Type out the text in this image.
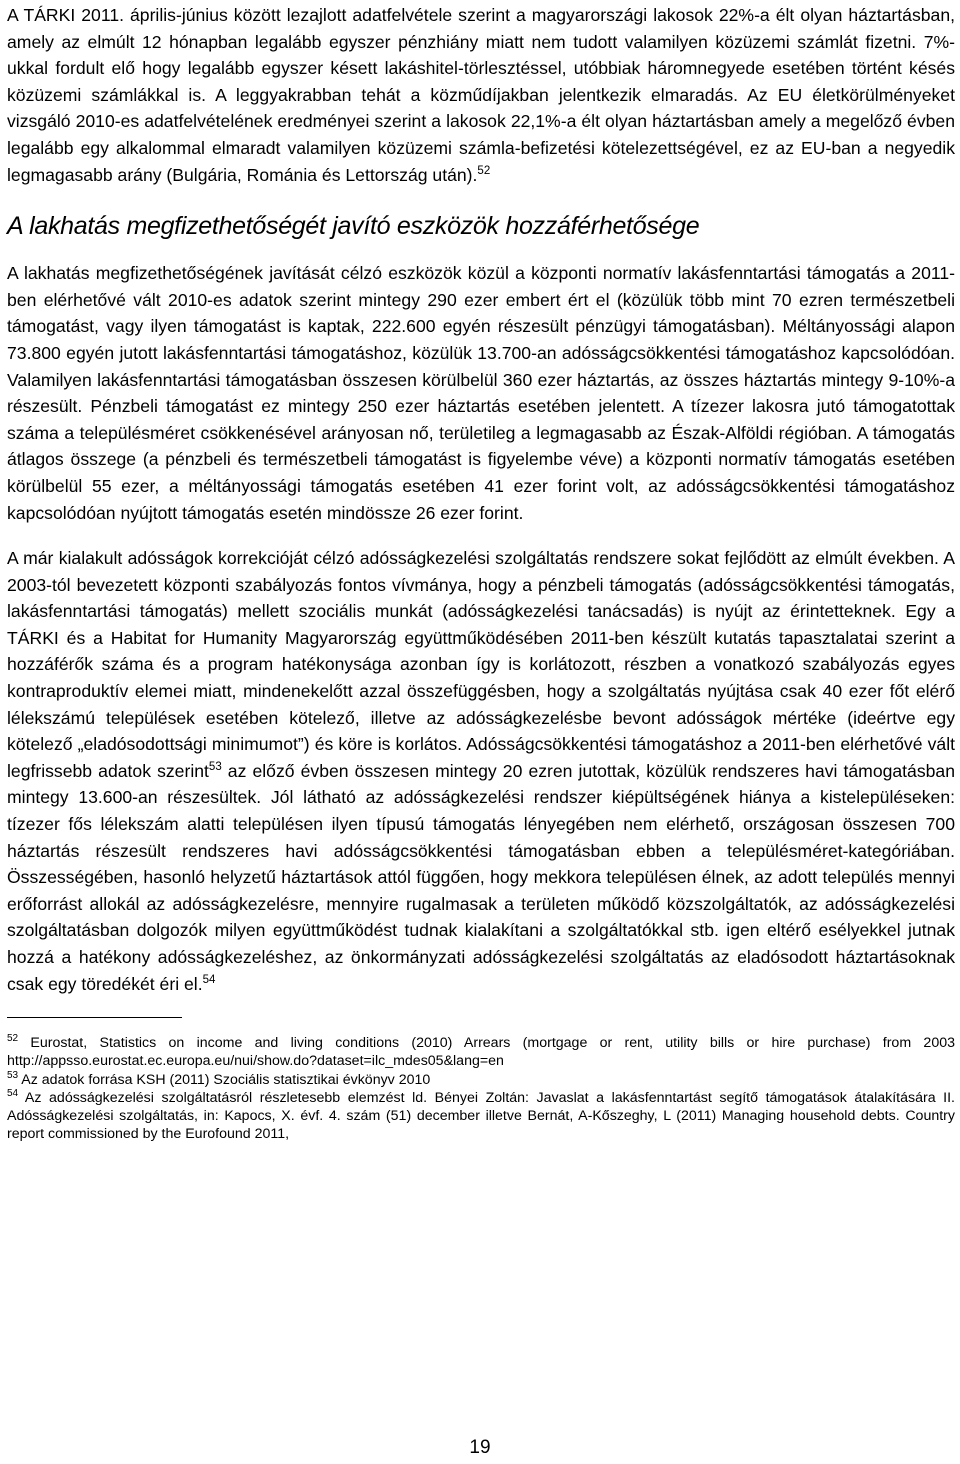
A TÁRKI 2011. április-június között lezajlott adatfelvétele szerint a magyarországi lakosok 22%-a élt olyan háztartásban, amely az elmúlt 12 hónapban legalább egyszer pénzhiány miatt nem tudott valamilyen közüzemi számlát fizetni. 7%-ukkal fordult elő hogy legalább egyszer késett lakáshitel-törlesztéssel, utóbbiak háromnegyede esetében történt késés közüzemi számlákkal is. A leggyakrabban tehát a közműdíjakban jelentkezik elmaradás. Az EU életkörülményeket vizsgáló 2010-es adatfelvételének eredményei szerint a lakosok 22,1%-a élt olyan háztartásban amely a megelőző évben legalább egy alkalommal elmaradt valamilyen közüzemi számla-befizetési kötelezettségével, ez az EU-ban a negyedik legmagasabb arány (Bulgária, Románia és Lettország után).$^{52}$

A lakhatás megfizethetőségét javító eszközök hozzáférhetősége

A lakhatás megfizethetőségének javítását célzó eszközök közül a központi normatív lakásfenntartási támogatás a 2011-ben elérhetővé vált 2010-es adatok szerint mintegy 290 ezer embert ért el (közülük több mint 70 ezren természetbeli támogatást, vagy ilyen támogatást is kaptak, 222.600 egyén részesült pénzügyi támogatásban). Méltányossági alapon 73.800 egyén jutott lakásfenntartási támogatáshoz, közülük 13.700-an adósságcsökkentési támogatáshoz kapcsolódóan. Valamilyen lakásfenntartási támogatásban összesen körülbelül 360 ezer háztartás, az összes háztartás mintegy 9-10%-a részesült. Pénzbeli támogatást ez mintegy 250 ezer háztartás esetében jelentett. A tízezer lakosra jutó támogatottak száma a településméret csökkenésével arányosan nő, területileg a legmagasabb az Észak-Alföldi régióban. A támogatás átlagos összege (a pénzbeli és természetbeli támogatást is figyelembe véve) a központi normatív támogatás esetében körülbelül 55 ezer, a méltányossági támogatás esetében 41 ezer forint volt, az adósságcsökkentési támogatáshoz kapcsolódóan nyújtott támogatás esetén mindössze 26 ezer forint.

A már kialakult adósságok korrekcióját célzó adósságkezelési szolgáltatás rendszere sokat fejlődött az elmúlt években. A 2003-tól bevezetett központi szabályozás fontos vívmánya, hogy a pénzbeli támogatás (adósságcsökkentési támogatás, lakásfenntartási támogatás) mellett szociális munkát (adósságkezelési tanácsadás) is nyújt az érintetteknek. Egy a TÁRKI és a Habitat for Humanity Magyarország együttműködésében 2011-ben készült kutatás tapasztalatai szerint a hozzáférők száma és a program hatékonysága azonban így is korlátozott, részben a vonatkozó szabályozás egyes kontraproduktív elemei miatt, mindenekelőtt azzal összefüggésben, hogy a szolgáltatás nyújtása csak 40 ezer főt elérő lélekszámú települések esetében kötelező, illetve az adósságkezelésbe bevont adósságok mértéke (ideértve egy kötelező „eladósodottsági minimumot”) és köre is korlátos. Adósságcsökkentési támogatáshoz a 2011-ben elérhetővé vált legfrissebb adatok szerint$^{53}$ az előző évben összesen mintegy 20 ezren jutottak, közülük rendszeres havi támogatásban mintegy 13.600-an részesültek. Jól látható az adósságkezelési rendszer kiépültségének hiánya a kistelepüléseken: tízezer fős lélekszám alatti településen ilyen típusú támogatás lényegében nem elérhető, országosan összesen 700 háztartás részesült rendszeres havi adósságcsökkentési támogatásban ebben a településméret-kategóriában. Összességében, hasonló helyzetű háztartások attól függően, hogy mekkora településen élnek, az adott település mennyi erőforrást allokál az adósságkezelésre, mennyire rugalmasak a területen működő közszolgáltatók, az adósságkezelési szolgáltatásban dolgozók milyen együttműködést tudnak kialakítani a szolgáltatókkal stb. igen eltérő esélyekkel jutnak hozzá a hatékony adósságkezeléshez, az önkormányzati adósságkezelési szolgáltatás az eladósodott háztartásoknak csak egy töredékét éri el.$^{54}$

$^{52}$ Eurostat, Statistics on income and living conditions (2010) Arrears (mortgage or rent, utility bills or hire purchase) from 2003 http://appsso.eurostat.ec.europa.eu/nui/show.do?dataset=ilc_mdes05&lang=en

$^{53}$ Az adatok forrása KSH (2011) Szociális statisztikai évkönyv 2010

$^{54}$ Az adósságkezelési szolgáltatásról részletesebb elemzést ld. Bényei Zoltán: Javaslat a lakásfenntartást segítő támogatások átalakítására II. Adósságkezelési szolgáltatás, in: Kapocs, X. évf. 4. szám (51) december illetve Bernát, A-Kőszeghy, L (2011) Managing household debts. Country report commissioned by the Eurofound 2011,

19
